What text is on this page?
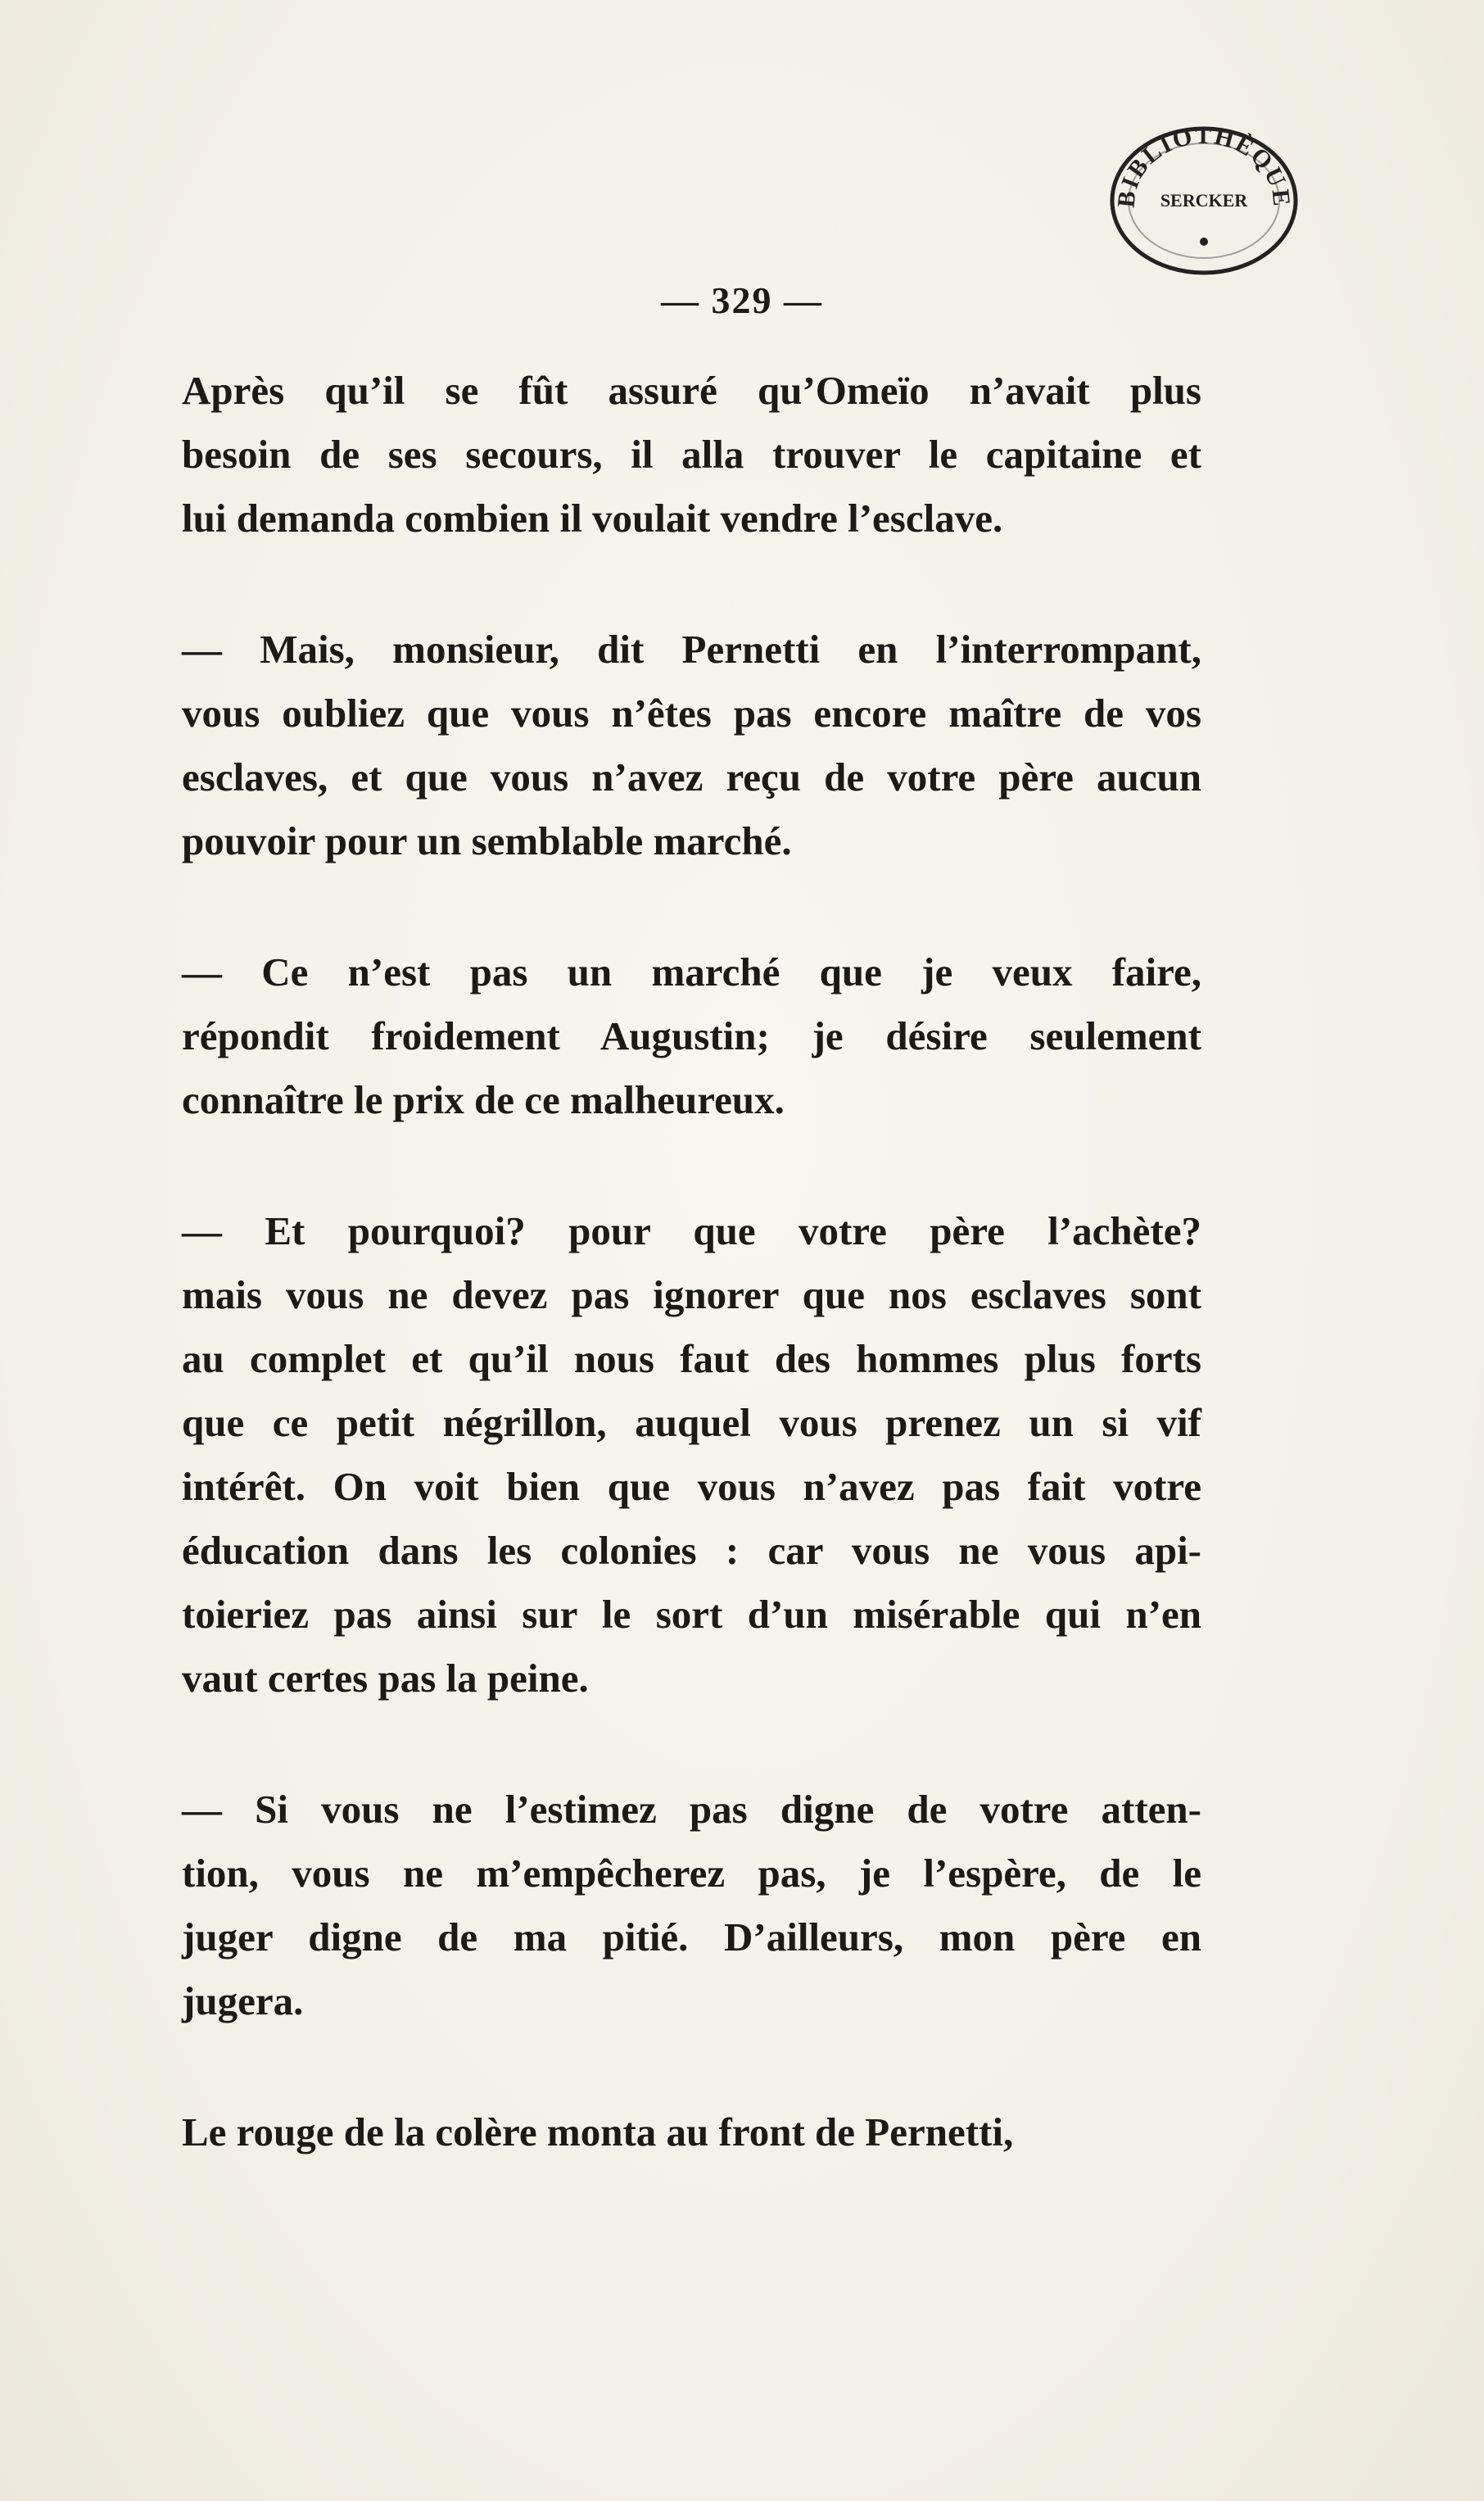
BIBLIOTHÈQUE
SERCKER
— 329 —

Après qu’il se fût assuré qu’Omeïo n’avait plus
besoin de ses secours, il alla trouver le capitaine et
lui demanda combien il voulait vendre l’esclave.

— Mais, monsieur, dit Pernetti en l’interrompant,
vous oubliez que vous n’êtes pas encore maître de vos
esclaves, et que vous n’avez reçu de votre père aucun
pouvoir pour un semblable marché.

— Ce n’est pas un marché que je veux faire,
répondit froidement Augustin; je désire seulement
connaître le prix de ce malheureux.

— Et pourquoi? pour que votre père l’achète?
mais vous ne devez pas ignorer que nos esclaves sont
au complet et qu’il nous faut des hommes plus forts
que ce petit négrillon, auquel vous prenez un si vif
intérêt. On voit bien que vous n’avez pas fait votre
éducation dans les colonies : car vous ne vous api-
toieriez pas ainsi sur le sort d’un misérable qui n’en
vaut certes pas la peine.

— Si vous ne l’estimez pas digne de votre atten-
tion, vous ne m’empêcherez pas, je l’espère, de le
juger digne de ma pitié. D’ailleurs, mon père en
jugera.

Le rouge de la colère monta au front de Pernetti,
